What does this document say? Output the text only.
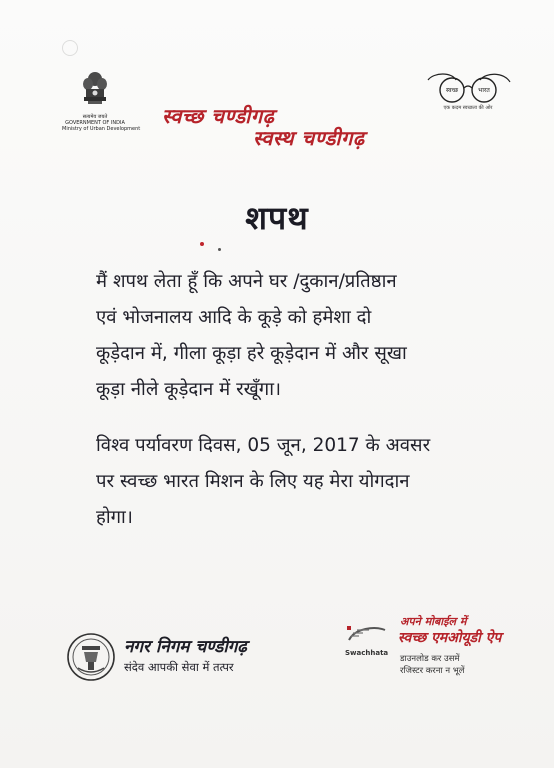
सत्यमेव जयते
GOVERNMENT OF INDIA
Ministry of Urban Development
स्वच्छ चण्डीगढ़
स्वस्थ चण्डीगढ़
स्वच्छ	भारत
एक कदम स्वच्छता की ओर
शपथ
मैं शपथ लेता हूँ कि अपने घर /दुकान/प्रतिष्ठान
एवं भोजनालय आदि के कूड़े को हमेशा दो
कूड़ेदान में, गीला कूड़ा हरे कूड़ेदान में और सूखा
कूड़ा नीले कूड़ेदान में रखूँगा।
विश्व पर्यावरण दिवस, 05 जून, 2017 के अवसर
पर स्वच्छ भारत मिशन के लिए यह मेरा योगदान
होगा।
नगर निगम चण्डीगढ़
संदेव आपकी सेवा में तत्पर
Swachhata
अपने मोबाईल में
स्वच्छ एमओयूडी ऐप
डाउनलोड कर उसमें
रजिस्टर करना न भूलें
